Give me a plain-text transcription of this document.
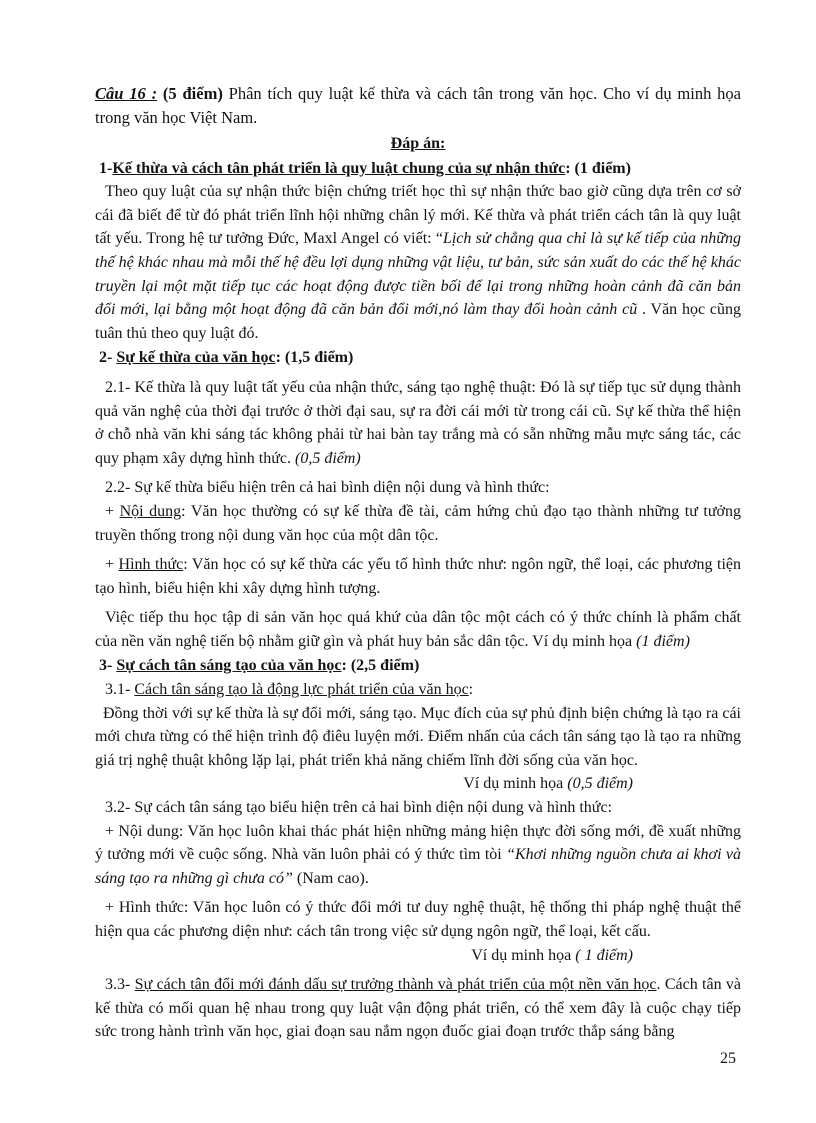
Câu 16 : (5 điểm) Phân tích quy luật kế thừa và cách tân trong văn học. Cho ví dụ minh họa trong văn học Việt Nam.

Đáp án:

1-Kế thừa và cách tân phát triển là quy luật chung của sự nhận thức: (1 điểm)

Theo quy luật của sự nhận thức biện chứng triết học thì sự nhận thức bao giờ cũng dựa trên cơ sở cái đã biết để từ đó phát triển lĩnh hội những chân lý mới. Kế thừa và phát triển cách tân là quy luật tất yếu. Trong hệ tư tưởng Đức, Maxl Angel có viết: “Lịch sử chẳng qua chỉ là sự kế tiếp của những thế hệ khác nhau mà mỗi thế hệ đều lợi dụng những vật liệu, tư bản, sức sản xuất do các thế hệ khác truyền lại một mặt tiếp tục các hoạt động được tiền bối để lại trong những hoàn cảnh đã căn bản đổi mới, lại bằng một hoạt động đã căn bản đổi mới,nó làm thay đổi hoàn cảnh cũ . Văn học cũng tuân thủ theo quy luật đó.

2- Sự kế thừa của văn học: (1,5 điểm)

2.1- Kế thừa là quy luật tất yếu của nhận thức, sáng tạo nghệ thuật: Đó là sự tiếp tục sử dụng thành quả văn nghệ của thời đại trước ở thời đại sau, sự ra đời cái mới từ trong cái cũ. Sự kế thừa thể hiện ở chỗ nhà văn khi sáng tác không phải từ hai bàn tay trắng mà có sẵn những mẫu mực sáng tác, các quy phạm xây dựng hình thức. (0,5 điểm)

2.2- Sự kế thừa biểu hiện trên cả hai bình diện nội dung và hình thức:

+ Nội dung: Văn học thường có sự kế thừa đề tài, cảm hứng chủ đạo tạo thành những tư tưởng truyền thống trong nội dung văn học của một dân tộc.

+ Hình thức: Văn học có sự kế thừa các yếu tố hình thức như: ngôn ngữ, thể loại, các phương tiện tạo hình, biểu hiện khi xây dựng hình tượng.

Việc tiếp thu học tập di sản văn học quá khứ của dân tộc một cách có ý thức chính là phẩm chất của nền văn nghệ tiến bộ nhằm giữ gìn và phát huy bản sắc dân tộc. Ví dụ minh họa (1 điểm)

3- Sự cách tân sáng tạo của văn học: (2,5 điểm)

3.1- Cách tân sáng tạo là động lực phát triển của văn học:

Đồng thời với sự kế thừa là sự đổi mới, sáng tạo. Mục đích của sự phủ định biện chứng là tạo ra cái mới chưa từng có thể hiện trình độ điêu luyện mới. Điểm nhấn của cách tân sáng tạo là tạo ra những giá trị nghệ thuật không lặp lại, phát triển khả năng chiếm lĩnh đời sống của văn học.

Ví dụ minh họa (0,5 điểm)

3.2- Sự cách tân sáng tạo biểu hiện trên cả hai bình diện nội dung và hình thức:

+ Nội dung: Văn học luôn khai thác phát hiện những mảng hiện thực đời sống mới, đề xuất những ý tưởng mới về cuộc sống. Nhà văn luôn phải có ý thức tìm tòi “Khơi những nguồn chưa ai khơi và sáng tạo ra những gì chưa có” (Nam cao).

+ Hình thức: Văn học luôn có ý thức đổi mới tư duy nghệ thuật, hệ thống thi pháp nghệ thuật thể hiện qua các phương diện như: cách tân trong việc sử dụng ngôn ngữ, thể loại, kết cấu.

Ví dụ minh họa ( 1 điểm)

3.3- Sự cách tân đổi mới đánh dấu sự trưởng thành và phát triển của một nền văn học. Cách tân và kế thừa có mối quan hệ nhau trong quy luật vận động phát triển, có thể xem đây là cuộc chạy tiếp sức trong hành trình văn học, giai đoạn sau nắm ngọn đuốc giai đoạn trước thắp sáng bằng

25
